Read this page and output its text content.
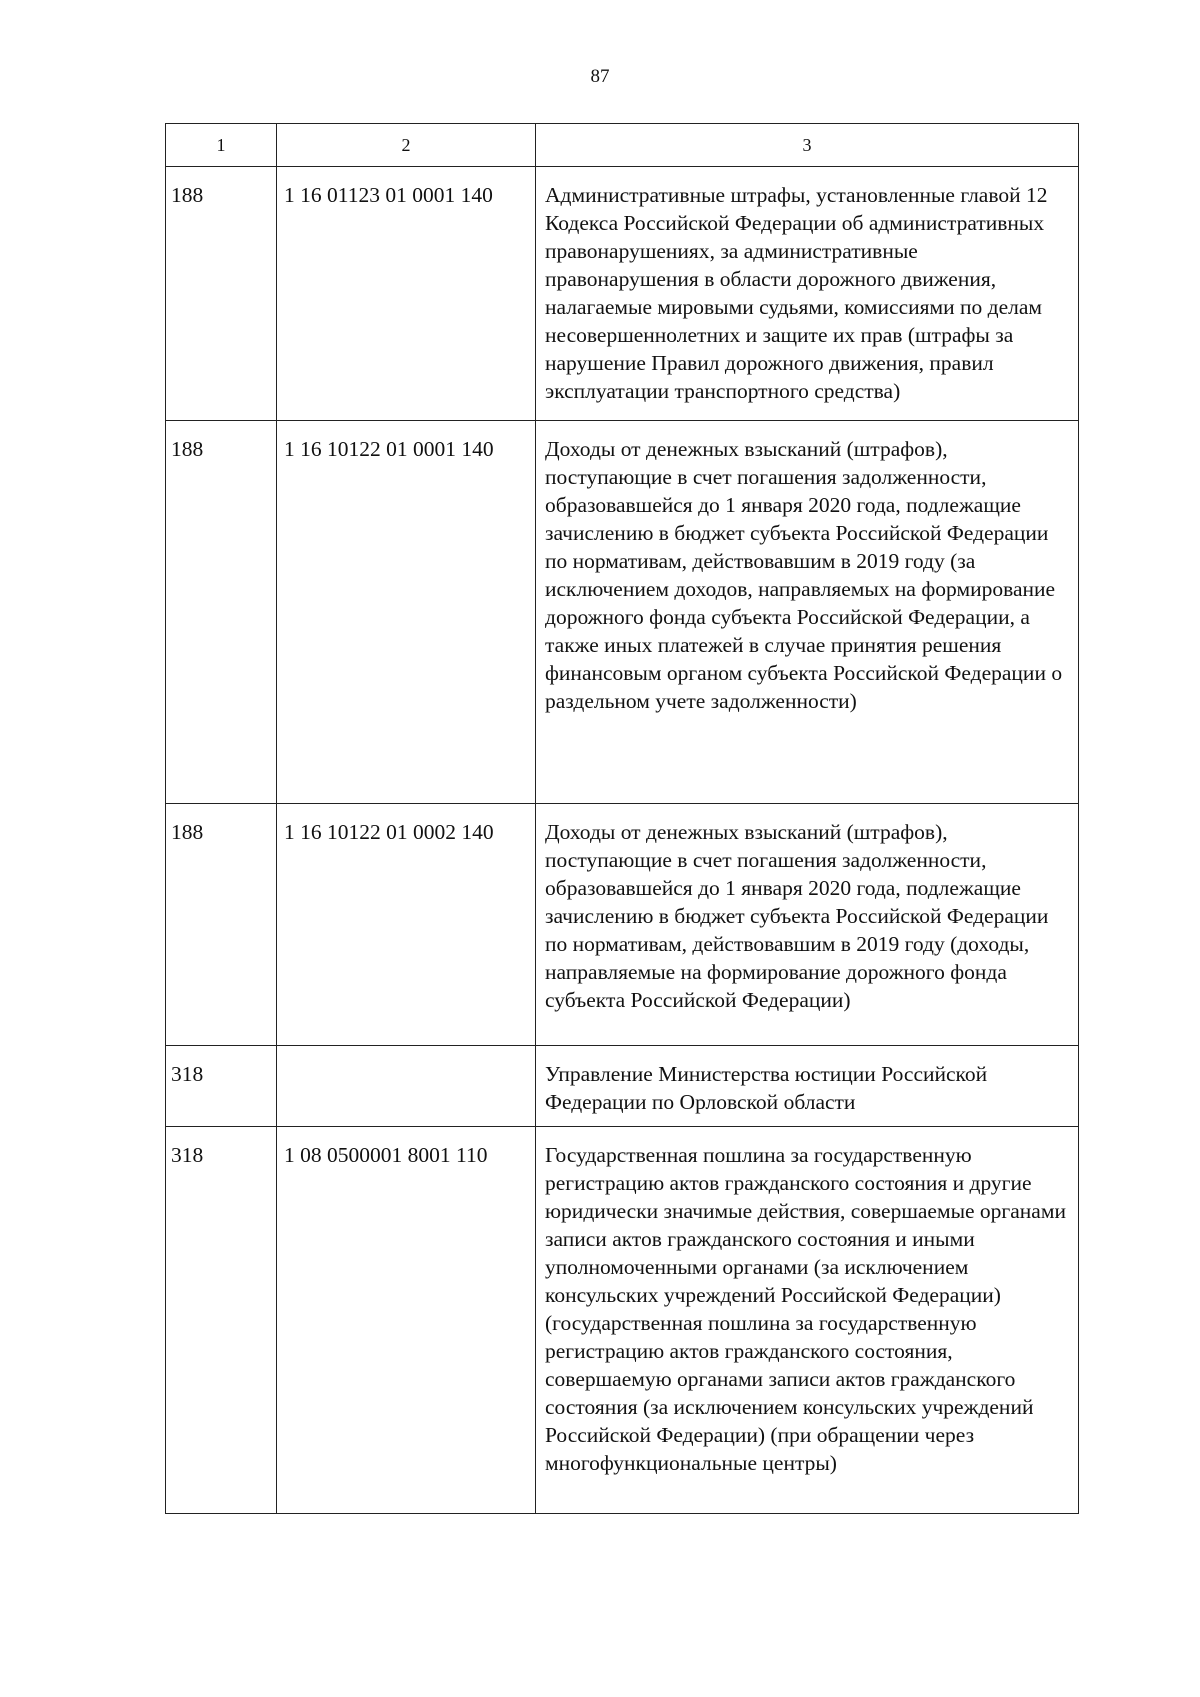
87
1	2	3
188	1 16 01123 01 0001 140	Административные штрафы, установленные главой 12 Кодекса Российской Федерации об административных правонарушениях, за административные правонарушения в области дорожного движения, налагаемые мировыми судьями, комиссиями по делам несовершеннолетних и защите их прав (штрафы за нарушение Правил дорожного движения, правил эксплуатации транспортного средства)
188	1 16 10122 01 0001 140	Доходы от денежных взысканий (штрафов), поступающие в счет погашения задолженности, образовавшейся до 1 января 2020 года, подлежащие зачислению в бюджет субъекта Российской Федерации по нормативам, действовавшим в 2019 году (за исключением доходов, направляемых на формирование дорожного фонда субъекта Российской Федерации, а также иных платежей в случае принятия решения финансовым органом субъекта Российской Федерации о раздельном учете задолженности)
188	1 16 10122 01 0002 140	Доходы от денежных взысканий (штрафов), поступающие в счет погашения задолженности, образовавшейся до 1 января 2020 года, подлежащие зачислению в бюджет субъекта Российской Федерации по нормативам, действовавшим в 2019 году (доходы, направляемые на формирование дорожного фонда субъекта Российской Федерации)
318		Управление Министерства юстиции Российской Федерации по Орловской области
318	1 08 0500001 8001 110	Государственная пошлина за государственную регистрацию актов гражданского состояния и другие юридически значимые действия, совершаемые органами записи актов гражданского состояния и иными уполномоченными органами (за исключением консульских учреждений Российской Федерации) (государственная пошлина за государственную регистрацию актов гражданского состояния, совершаемую органами записи актов гражданского состояния (за исключением консульских учреждений Российской Федерации) (при обращении через многофункциональные центры)
